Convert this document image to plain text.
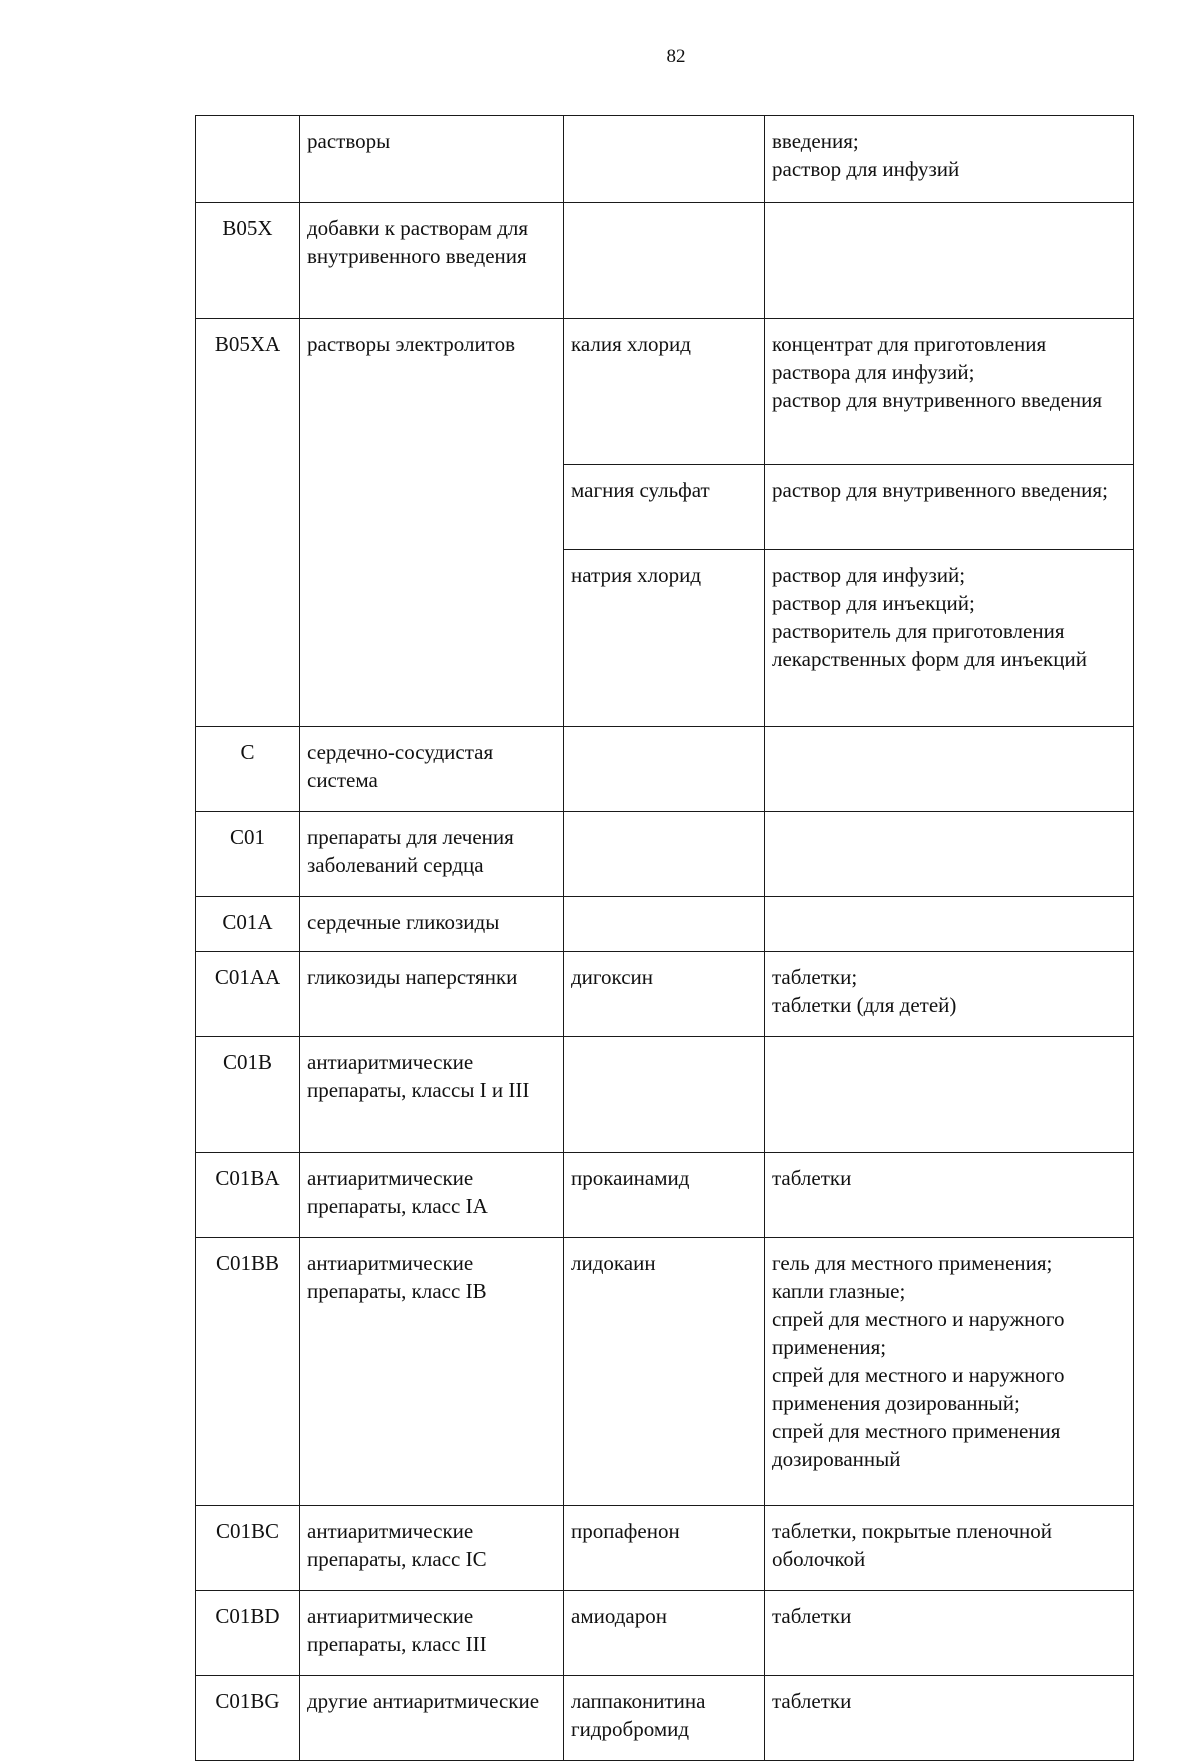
82
	растворы		введения;
раствор для инфузий

B05X	добавки к растворам для внутривенного введения		
B05XA	растворы электролитов	калия хлорид	концентрат для приготовления раствора для инфузий;
раствор для внутривенного введения

		магния сульфат	раствор для внутривенного введения;

		натрия хлорид	раствор для инфузий;
раствор для инъекций;
растворитель для приготовления лекарственных форм для инъекций

C	сердечно-сосудистая система		
C01	препараты для лечения заболеваний сердца		
C01A	сердечные гликозиды		
C01AA	гликозиды наперстянки	дигоксин	таблетки;
таблетки (для детей)

C01B	антиаритмические препараты, классы I и III		
C01BA	антиаритмические препараты, класс IA	прокаинамид	таблетки

C01BB	антиаритмические препараты, класс IB	лидокаин	гель для местного применения;
капли глазные;
спрей для местного и наружного применения;
спрей для местного и наружного применения дозированный;
спрей для местного применения дозированный

C01BC	антиаритмические препараты, класс IC	пропафенон	таблетки, покрытые пленочной оболочкой

C01BD	антиаритмические препараты, класс III	амиодарон	таблетки

C01BG	другие антиаритмические	лаппаконитина гидробромид	таблетки
